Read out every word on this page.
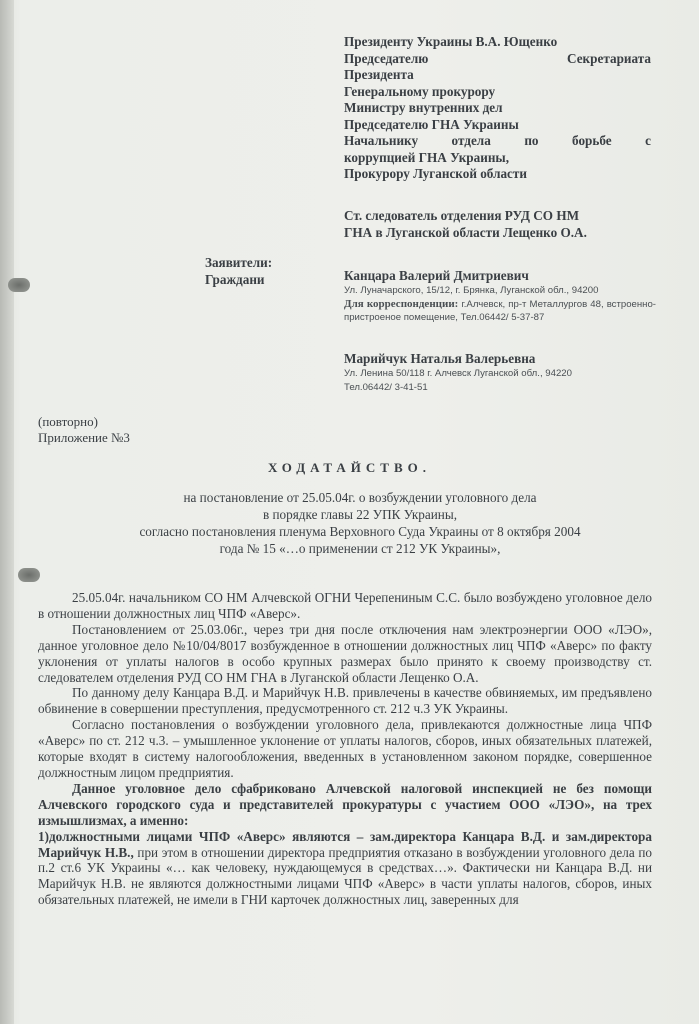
Президенту Украины В.А. Ющенко
Председателю Секретариата
Президента
Генеральному прокурору
Министру внутренних дел
Председателю ГНА Украины
Начальнику отдела по борьбе с
коррупцией ГНА Украины,
Прокурору Луганской области
Ст. следователь отделения РУД СО НМ
ГНА в Луганской области Лещенко О.А.
Заявители:
Граждани	Канцара Валерий Дмитриевич
Ул. Луначарского, 15/12, г. Брянка, Луганской обл., 94200
Для корреспонденции: г.Алчевск, пр-т Металлургов 48, встроенно-пристроеное помещение, Тел.06442/ 5-37-87
Марийчук Наталья Валерьевна
Ул. Ленина 50/118 г. Алчевск Луганской обл., 94220
Тел.06442/ 3-41-51
(повторно)
Приложение №3
ХОДАТАЙСТВО.
на постановление от 25.05.04г. о возбуждении уголовного дела
в порядке главы 22 УПК Украины,
согласно постановления пленума Верховного Суда Украины от 8 октября 2004
года № 15 «…о применении ст 212 УК Украины»,

25.05.04г. начальником СО НМ Алчевской ОГНИ Черепениным С.С. было возбуждено уголовное дело в отношении должностных лиц ЧПФ «Аверс».

Постановлением от 25.03.06г., через три дня после отключения нам электроэнергии ООО «ЛЭО», данное уголовное дело №10/04/8017 возбужденное в отношении должностных лиц ЧПФ «Аверс» по факту уклонения от уплаты налогов в особо крупных размерах было принято к своему производству ст. следователем отделения РУД СО НМ ГНА в Луганской области Лещенко О.А.

По данному делу Канцара В.Д. и Марийчук Н.В. привлечены в качестве обвиняемых, им предъявлено обвинение в совершении преступления, предусмотренного ст. 212 ч.3 УК Украины.

Согласно постановления о возбуждении уголовного дела, привлекаются должностные лица ЧПФ «Аверс» по ст. 212 ч.3. – умышленное уклонение от уплаты налогов, сборов, иных обязательных платежей, которые входят в систему налогообложения, введенных в установленном законом порядке, совершенное должностным лицом предприятия.

Данное уголовное дело сфабриковано Алчевской налоговой инспекцией не без помощи Алчевского городского суда и представителей прокуратуры с участием ООО «ЛЭО», на трех измышлизмах, а именно:

1)должностными лицами ЧПФ «Аверс» являются – зам.директора Канцара В.Д. и зам.директора Марийчук Н.В., при этом в отношении директора предприятия отказано в возбуждении уголовного дела по п.2 ст.6 УК Украины «… как человеку, нуждающемуся в средствах…». Фактически ни Канцара В.Д. ни Марийчук Н.В. не являются должностными лицами ЧПФ «Аверс» в части уплаты налогов, сборов, иных обязательных платежей, не имели в ГНИ карточек должностных лиц, заверенных для
